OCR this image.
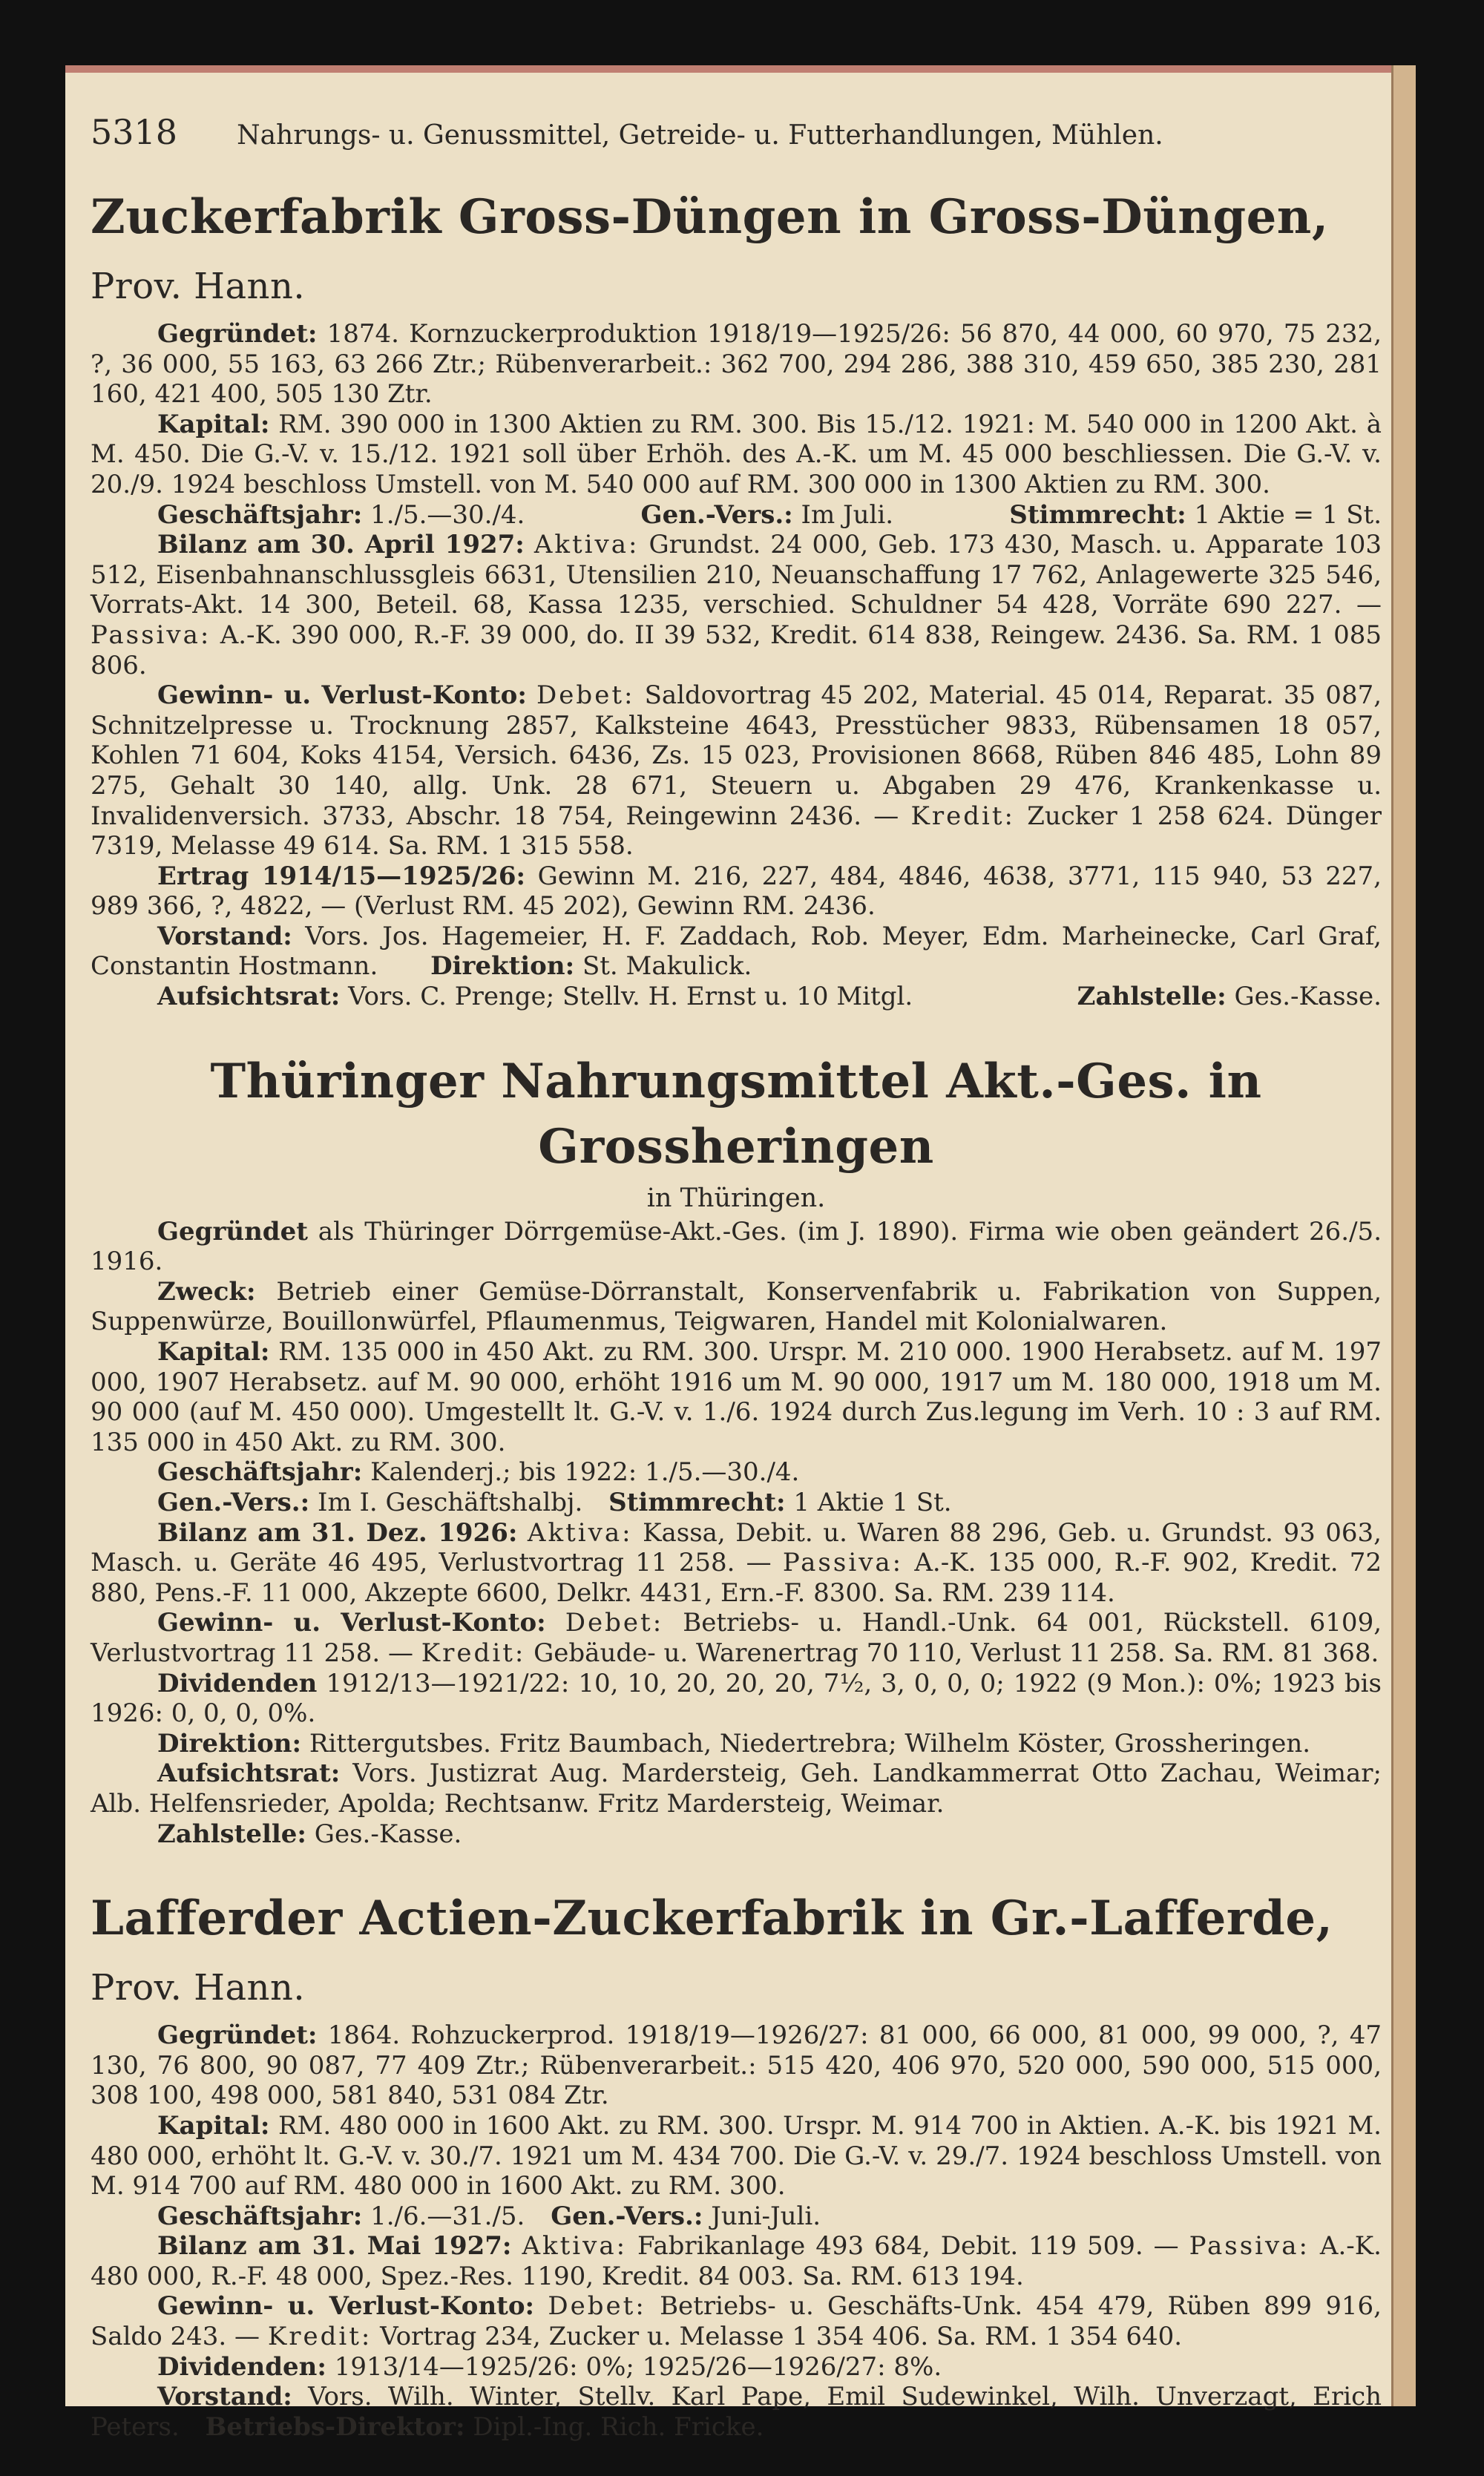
5318 Nahrungs- u. Genussmittel, Getreide- u. Futterhandlungen, Mühlen.
Zuckerfabrik Gross-Düngen in Gross-Düngen, Prov. Hann.

Gegründet: 1874. Kornzuckerproduktion 1918/19—1925/26: 56 870, 44 000, 60 970, 75 232, ?, 36 000, 55 163, 63 266 Ztr.; Rübenverarbeit.: 362 700, 294 286, 388 310, 459 650, 385 230, 281 160, 421 400, 505 130 Ztr.

Kapital: RM. 390 000 in 1300 Aktien zu RM. 300. Bis 15./12. 1921: M. 540 000 in 1200 Akt. à M. 450. Die G.-V. v. 15./12. 1921 soll über Erhöh. des A.-K. um M. 45 000 beschliessen. Die G.-V. v. 20./9. 1924 beschloss Umstell. von M. 540 000 auf RM. 300 000 in 1300 Aktien zu RM. 300.

Geschäftsjahr: 1./5.—30./4.	Gen.-Vers.: Im Juli.	Stimmrecht: 1 Aktie = 1 St.

Bilanz am 30. April 1927: Aktiva: Grundst. 24 000, Geb. 173 430, Masch. u. Apparate 103 512, Eisenbahnanschlussgleis 6631, Utensilien 210, Neuanschaffung 17 762, Anlagewerte 325 546, Vorrats-Akt. 14 300, Beteil. 68, Kassa 1235, verschied. Schuldner 54 428, Vorräte 690 227. — Passiva: A.-K. 390 000, R.-F. 39 000, do. II 39 532, Kredit. 614 838, Reingew. 2436. Sa. RM. 1 085 806.

Gewinn- u. Verlust-Konto: Debet: Saldovortrag 45 202, Material. 45 014, Reparat. 35 087, Schnitzelpresse u. Trocknung 2857, Kalksteine 4643, Presstücher 9833, Rübensamen 18 057, Kohlen 71 604, Koks 4154, Versich. 6436, Zs. 15 023, Provisionen 8668, Rüben 846 485, Lohn 89 275, Gehalt 30 140, allg. Unk. 28 671, Steuern u. Abgaben 29 476, Krankenkasse u. Invalidenversich. 3733, Abschr. 18 754, Reingewinn 2436. — Kredit: Zucker 1 258 624. Dünger 7319, Melasse 49 614. Sa. RM. 1 315 558.

Ertrag 1914/15—1925/26: Gewinn M. 216, 227, 484, 4846, 4638, 3771, 115 940, 53 227, 989 366, ?, 4822, — (Verlust RM. 45 202), Gewinn RM. 2436.

Vorstand: Vors. Jos. Hagemeier, H. F. Zaddach, Rob. Meyer, Edm. Marheinecke, Carl Graf, Constantin Hostmann. Direktion: St. Makulick.

Aufsichtsrat: Vors. C. Prenge; Stellv. H. Ernst u. 10 Mitgl.	Zahlstelle: Ges.-Kasse.
Thüringer Nahrungsmittel Akt.-Ges. in Grossheringen
in Thüringen.

Gegründet als Thüringer Dörrgemüse-Akt.-Ges. (im J. 1890). Firma wie oben geändert 26./5. 1916.

Zweck: Betrieb einer Gemüse-Dörranstalt, Konservenfabrik u. Fabrikation von Suppen, Suppenwürze, Bouillonwürfel, Pflaumenmus, Teigwaren, Handel mit Kolonialwaren.

Kapital: RM. 135 000 in 450 Akt. zu RM. 300. Urspr. M. 210 000. 1900 Herabsetz. auf M. 197 000, 1907 Herabsetz. auf M. 90 000, erhöht 1916 um M. 90 000, 1917 um M. 180 000, 1918 um M. 90 000 (auf M. 450 000). Umgestellt lt. G.-V. v. 1./6. 1924 durch Zus.legung im Verh. 10 : 3 auf RM. 135 000 in 450 Akt. zu RM. 300.

Geschäftsjahr: Kalenderj.; bis 1922: 1./5.—30./4.

Gen.-Vers.: Im I. Geschäftshalbj. Stimmrecht: 1 Aktie 1 St.

Bilanz am 31. Dez. 1926: Aktiva: Kassa, Debit. u. Waren 88 296, Geb. u. Grundst. 93 063, Masch. u. Geräte 46 495, Verlustvortrag 11 258. — Passiva: A.-K. 135 000, R.-F. 902, Kredit. 72 880, Pens.-F. 11 000, Akzepte 6600, Delkr. 4431, Ern.-F. 8300. Sa. RM. 239 114.

Gewinn- u. Verlust-Konto: Debet: Betriebs- u. Handl.-Unk. 64 001, Rückstell. 6109, Verlustvortrag 11 258. — Kredit: Gebäude- u. Warenertrag 70 110, Verlust 11 258. Sa. RM. 81 368.

Dividenden 1912/13—1921/22: 10, 10, 20, 20, 20, 7½, 3, 0, 0, 0; 1922 (9 Mon.): 0%; 1923 bis 1926: 0, 0, 0, 0%.

Direktion: Rittergutsbes. Fritz Baumbach, Niedertrebra; Wilhelm Köster, Grossheringen.

Aufsichtsrat: Vors. Justizrat Aug. Mardersteig, Geh. Landkammerrat Otto Zachau, Weimar; Alb. Helfensrieder, Apolda; Rechtsanw. Fritz Mardersteig, Weimar.

Zahlstelle: Ges.-Kasse.

Lafferder Actien-Zuckerfabrik in Gr.-Lafferde, Prov. Hann.

Gegründet: 1864. Rohzuckerprod. 1918/19—1926/27: 81 000, 66 000, 81 000, 99 000, ?, 47 130, 76 800, 90 087, 77 409 Ztr.; Rübenverarbeit.: 515 420, 406 970, 520 000, 590 000, 515 000, 308 100, 498 000, 581 840, 531 084 Ztr.

Kapital: RM. 480 000 in 1600 Akt. zu RM. 300. Urspr. M. 914 700 in Aktien. A.-K. bis 1921 M. 480 000, erhöht lt. G.-V. v. 30./7. 1921 um M. 434 700. Die G.-V. v. 29./7. 1924 beschloss Umstell. von M. 914 700 auf RM. 480 000 in 1600 Akt. zu RM. 300.

Geschäftsjahr: 1./6.—31./5. Gen.-Vers.: Juni-Juli.

Bilanz am 31. Mai 1927: Aktiva: Fabrikanlage 493 684, Debit. 119 509. — Passiva: A.-K. 480 000, R.-F. 48 000, Spez.-Res. 1190, Kredit. 84 003. Sa. RM. 613 194.

Gewinn- u. Verlust-Konto: Debet: Betriebs- u. Geschäfts-Unk. 454 479, Rüben 899 916, Saldo 243. — Kredit: Vortrag 234, Zucker u. Melasse 1 354 406. Sa. RM. 1 354 640.

Dividenden: 1913/14—1925/26: 0%; 1925/26—1926/27: 8%.

Vorstand: Vors. Wilh. Winter, Stellv. Karl Pape, Emil Sudewinkel, Wilh. Unverzagt, Erich Peters. Betriebs-Direktor: Dipl.-Ing. Rich. Fricke.
